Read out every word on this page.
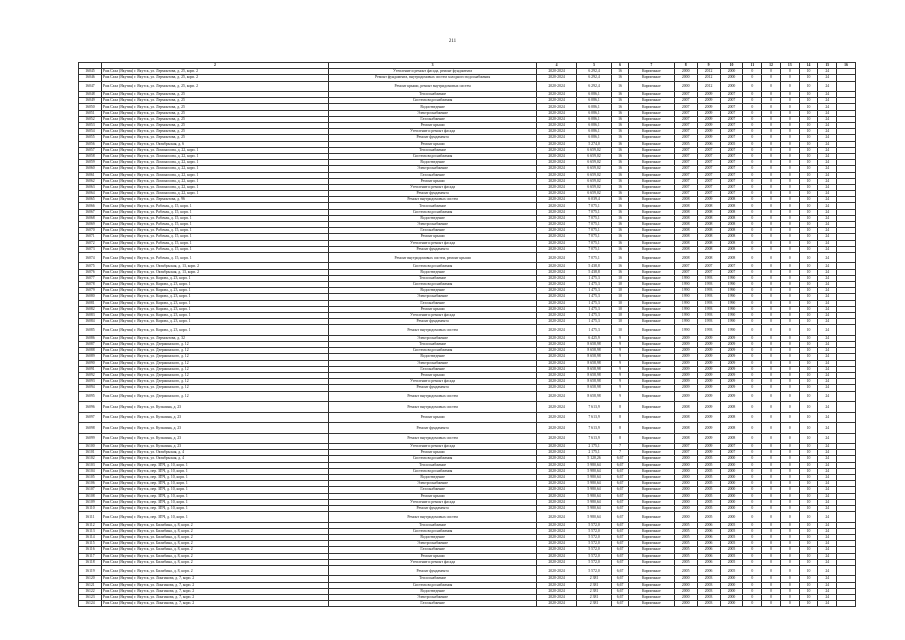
211
	2	3	4	5	6	7	8	9	10	11	12	13	14	15	16
16045	Раж Саха (Якутия) г. Якутск, ул. Лермонтова, д. 25, корп. 2	Утепление и ремонт фасада, ремонт фундамента	2020-2024	6 292,4	16	Кирпичные	2000	2012	2000	0	0	0	10	24	
16046	Раж Саха (Якутия) г. Якутск, ул. Лермонтова, д. 25, корп. 2	Ремонт фундамента, внутридомовых систем холодного водоснабжения	2020-2024	6 292,4	16	Кирпичные	2000	2012	2000	0	0	0	10	24	
16047	Раж Саха (Якутия) г. Якутск, ул. Лермонтова, д. 25, корп. 2	Ремонт крыши, ремонт внутридомовых систем	2020-2024	6 292,4	16	Кирпичные	2000	2012	2000	0	0	0	10	24	
16048	Раж Саха (Якутия) г. Якутск, ул. Лермонтова, д. 25	Теплоснабжение	2020-2024	6 086,1	16	Кирпичные	2007	2009	2007	0	0	0	10	24	
16049	Раж Саха (Якутия) г. Якутск, ул. Лермонтова, д. 25	Система водоснабжения	2020-2024	6 086,1	16	Кирпичные	2007	2009	2007	0	0	0	10	24	
16050	Раж Саха (Якутия) г. Якутск, ул. Лермонтова, д. 25	Водоотведение	2020-2024	6 086,1	16	Кирпичные	2007	2009	2007	0	0	0	10	24	
16051	Раж Саха (Якутия) г. Якутск, ул. Лермонтова, д. 25	Электроснабжение	2020-2024	6 086,1	16	Кирпичные	2007	2009	2007	0	0	0	10	24	
16052	Раж Саха (Якутия) г. Якутск, ул. Лермонтова, д. 25	Газоснабжение	2020-2024	6 086,1	16	Кирпичные	2007	2009	2007	0	0	0	10	24	
16053	Раж Саха (Якутия) г. Якутск, ул. Лермонтова, д. 25	Ремонт крыши	2020-2024	6 086,1	16	Кирпичные	2007	2009	2007	0	0	0	10	24	
16054	Раж Саха (Якутия) г. Якутск, ул. Лермонтова, д. 25	Утепление и ремонт фасада	2020-2024	6 086,1	16	Кирпичные	2007	2009	2007	0	0	0	10	24	
16055	Раж Саха (Якутия) г. Якутск, ул. Лермонтова, д. 25	Ремонт фундамента	2020-2024	6 086,1	16	Кирпичные	2007	2009	2007	0	0	0	10	24	
16056	Раж Саха (Якутия) г. Якутск, ул. Октябрьская, д. 6	Ремонт крыши	2020-2024	5 274,0	16	Кирпичные	2005	2006	2005	0	0	0	10	24	
16057	Раж Саха (Якутия) г. Якутск, ул. Ломоносова, д. 22, корп. 1	Теплоснабжение	2020-2024	6 659,02	16	Кирпичные	2007	2007	2007	0	0	0	10	24	
16058	Раж Саха (Якутия) г. Якутск, ул. Ломоносова, д. 22, корп. 1	Система водоснабжения	2020-2024	6 659,02	16	Кирпичные	2007	2007	2007	0	0	0	10	24	
16059	Раж Саха (Якутия) г. Якутск, ул. Ломоносова, д. 22, корп. 1	Водоотведение	2020-2024	6 659,02	16	Кирпичные	2007	2007	2007	0	0	0	10	24	
16060	Раж Саха (Якутия) г. Якутск, ул. Ломоносова, д. 22, корп. 1	Электроснабжение	2020-2024	6 659,02	16	Кирпичные	2007	2007	2007	0	0	0	10	24	
16061	Раж Саха (Якутия) г. Якутск, ул. Ломоносова, д. 22, корп. 1	Газоснабжение	2020-2024	6 659,02	16	Кирпичные	2007	2007	2007	0	0	0	10	24	
16062	Раж Саха (Якутия) г. Якутск, ул. Ломоносова, д. 22, корп. 1	Ремонт крыши	2020-2024	6 659,02	16	Кирпичные	2007	2007	2007	0	0	0	10	24	
16063	Раж Саха (Якутия) г. Якутск, ул. Ломоносова, д. 22, корп. 1	Утепление и ремонт фасада	2020-2024	6 659,02	16	Кирпичные	2007	2007	2007	0	0	0	10	24	
16064	Раж Саха (Якутия) г. Якутск, ул. Ломоносова, д. 22, корп. 1	Ремонт фундамента	2020-2024	6 659,02	16	Кирпичные	2007	2007	2007	0	0	0	10	24	
16065	Раж Саха (Якутия) г. Якутск, ул. Лермонтова, д. 96	Ремонт внутридомовых систем	2020-2024	6 039,4	16	Кирпичные	2008	2009	2008	0	0	0	10	24	
16066	Раж Саха (Якутия) г. Якутск, ул. Рабочая, д. 15, корп. 1	Теплоснабжение	2020-2024	7 075,1	16	Кирпичные	2008	2008	2008	0	0	0	10	24	
16067	Раж Саха (Якутия) г. Якутск, ул. Рабочая, д. 15, корп. 1	Система водоснабжения	2020-2024	7 075,1	16	Кирпичные	2008	2008	2008	0	0	0	10	24	
16068	Раж Саха (Якутия) г. Якутск, ул. Рабочая, д. 15, корп. 1	Водоотведение	2020-2024	7 075,1	16	Кирпичные	2008	2008	2008	0	0	0	10	24	
16069	Раж Саха (Якутия) г. Якутск, ул. Рабочая, д. 15, корп. 1	Электроснабжение	2020-2024	7 075,1	16	Кирпичные	2008	2008	2008	0	0	0	10	24	
16070	Раж Саха (Якутия) г. Якутск, ул. Рабочая, д. 15, корп. 1	Газоснабжение	2020-2024	7 075,1	16	Кирпичные	2008	2008	2008	0	0	0	10	24	
16071	Раж Саха (Якутия) г. Якутск, ул. Рабочая, д. 15, корп. 1	Ремонт крыши	2020-2024	7 075,1	16	Кирпичные	2008	2008	2008	0	0	0	10	24	
16072	Раж Саха (Якутия) г. Якутск, ул. Рабочая, д. 15, корп. 1	Утепление и ремонт фасада	2020-2024	7 075,1	16	Кирпичные	2008	2008	2008	0	0	0	10	24	
16073	Раж Саха (Якутия) г. Якутск, ул. Рабочая, д. 15, корп. 1	Ремонт фундамента	2020-2024	7 075,1	16	Кирпичные	2008	2008	2008	0	0	0	10	24	
16074	Раж Саха (Якутия) г. Якутск, ул. Рабочая, д. 15, корп. 1	Ремонт внутридомовых систем, ремонт крыши	2020-2024	7 075,1	16	Кирпичные	2008	2008	2008	0	0	0	10	24	
16075	Раж Саха (Якутия) г. Якутск, ул. Октябрьская, д. 13, корп. 2	Система водоснабжения	2020-2024	5 438,8	16	Кирпичные	2007	2007	2007	0	0	0	10	24	
16076	Раж Саха (Якутия) г. Якутск, ул. Октябрьская, д. 13, корп. 2	Водоотведение	2020-2024	5 438,8	16	Кирпичные	2007	2007	2007	0	0	0	10	24	
16077	Раж Саха (Якутия) г. Якутск, ул. Кирова, д. 23, корп. 1	Теплоснабжение	2020-2024	1 475,3	10	Кирпичные	1990	1993	1990	0	0	0	10	24	
16078	Раж Саха (Якутия) г. Якутск, ул. Кирова, д. 23, корп. 1	Система водоснабжения	2020-2024	1 475,3	10	Кирпичные	1990	1993	1990	0	0	0	10	24	
16079	Раж Саха (Якутия) г. Якутск, ул. Кирова, д. 23, корп. 1	Водоотведение	2020-2024	1 475,3	10	Кирпичные	1990	1993	1990	0	0	0	10	24	
16080	Раж Саха (Якутия) г. Якутск, ул. Кирова, д. 23, корп. 1	Электроснабжение	2020-2024	1 475,3	10	Кирпичные	1990	1993	1990	0	0	0	10	24	
16081	Раж Саха (Якутия) г. Якутск, ул. Кирова, д. 23, корп. 1	Газоснабжение	2020-2024	1 475,3	10	Кирпичные	1990	1993	1990	0	0	0	10	24	
16082	Раж Саха (Якутия) г. Якутск, ул. Кирова, д. 23, корп. 1	Ремонт крыши	2020-2024	1 475,3	10	Кирпичные	1990	1993	1990	0	0	0	10	24	
16083	Раж Саха (Якутия) г. Якутск, ул. Кирова, д. 23, корп. 1	Утепление и ремонт фасада	2020-2024	1 475,3	10	Кирпичные	1990	1993	1990	0	0	0	10	24	
16084	Раж Саха (Якутия) г. Якутск, ул. Кирова, д. 23, корп. 1	Ремонт фундамента	2020-2024	1 475,3	10	Кирпичные	1990	1993	1990	0	0	0	10	24	
16085	Раж Саха (Якутия) г. Якутск, ул. Кирова, д. 23, корп. 1	Ремонт внутридомовых систем	2020-2024	1 475,3	10	Кирпичные	1990	1993	1990	0	0	0	10	24	
16086	Раж Саха (Якутия) г. Якутск, ул. Лермонтова, д. 32	Электроснабжение	2020-2024	6 425,9	9	Кирпичные	2009	2009	2009	0	0	0	10	24	
16087	Раж Саха (Якутия) г. Якутск, ул. Дзержинского, д. 12	Теплоснабжение	2020-2024	8 658,98	9	Кирпичные	2009	2009	2009	0	0	0	10	24	
16088	Раж Саха (Якутия) г. Якутск, ул. Дзержинского, д. 12	Система водоснабжения	2020-2024	8 658,98	9	Кирпичные	2009	2009	2009	0	0	0	10	24	
16089	Раж Саха (Якутия) г. Якутск, ул. Дзержинского, д. 12	Водоотведение	2020-2024	8 658,98	9	Кирпичные	2009	2009	2009	0	0	0	10	24	
16090	Раж Саха (Якутия) г. Якутск, ул. Дзержинского, д. 12	Электроснабжение	2020-2024	8 658,98	9	Кирпичные	2009	2009	2009	0	0	0	10	24	
16091	Раж Саха (Якутия) г. Якутск, ул. Дзержинского, д. 12	Газоснабжение	2020-2024	8 658,98	9	Кирпичные	2009	2009	2009	0	0	0	10	24	
16092	Раж Саха (Якутия) г. Якутск, ул. Дзержинского, д. 12	Ремонт крыши	2020-2024	8 658,98	9	Кирпичные	2009	2009	2009	0	0	0	10	24	
16093	Раж Саха (Якутия) г. Якутск, ул. Дзержинского, д. 12	Утепление и ремонт фасада	2020-2024	8 658,98	9	Кирпичные	2009	2009	2009	0	0	0	10	24	
16094	Раж Саха (Якутия) г. Якутск, ул. Дзержинского, д. 12	Ремонт фундамента	2020-2024	8 658,98	9	Кирпичные	2009	2009	2009	0	0	0	10	24	
16095	Раж Саха (Якутия) г. Якутск, ул. Дзержинского, д. 12	Ремонт внутридомовых систем	2020-2024	8 658,98	9	Кирпичные	2009	2009	2009	0	0	0	10	24	
16096	Раж Саха (Якутия) г. Якутск, ул. Кузьмина, д. 23	Ремонт внутридомовых систем	2020-2024	7 613,9	8	Кирпичные	2008	2009	2008	0	0	0	10	24	
16097	Раж Саха (Якутия) г. Якутск, ул. Кузьмина, д. 23	Ремонт крыши	2020-2024	7 613,9	8	Кирпичные	2008	2009	2008	0	0	0	10	24	
16098	Раж Саха (Якутия) г. Якутск, ул. Кузьмина, д. 23	Ремонт фундамента	2020-2024	7 613,9	8	Кирпичные	2008	2009	2008	0	0	0	10	24	
16099	Раж Саха (Якутия) г. Якутск, ул. Кузьмина, д. 23	Ремонт внутридомовых систем	2020-2024	7 613,9	8	Кирпичные	2008	2009	2008	0	0	0	10	24	
16100	Раж Саха (Якутия) г. Якутск, ул. Кузьмина, д. 23	Утепление и ремонт фасада	2020-2024	2 175,1	7	Кирпичные	2007	2009	2007	0	0	0	10	24	
16101	Раж Саха (Якутия) г. Якутск, ул. Октябрьская, д. 4	Ремонт крыши	2020-2024	2 175,1	7	Кирпичные	2007	2009	2007	0	0	0	10	24	
16102	Раж Саха (Якутия) г. Якутск, ул. Октябрьская, д. 4	Система водоснабжения	2020-2024	5 120,26	6,67	Кирпичные	2000	2005	2000	0	0	0	10	24	
16103	Раж Саха (Якутия) г. Якутск, пер. ЗПЧ, д. 10, корп. 1	Теплоснабжение	2020-2024	5 980,64	6,67	Кирпичные	2000	2005	2000	0	0	0	10	24	
16104	Раж Саха (Якутия) г. Якутск, пер. ЗПЧ, д. 10, корп. 1	Система водоснабжения	2020-2024	5 980,64	6,67	Кирпичные	2000	2005	2000	0	0	0	10	24	
16105	Раж Саха (Якутия) г. Якутск, пер. ЗПЧ, д. 10, корп. 1	Водоотведение	2020-2024	5 980,64	6,67	Кирпичные	2000	2005	2000	0	0	0	10	24	
16106	Раж Саха (Якутия) г. Якутск, пер. ЗПЧ, д. 10, корп. 1	Электроснабжение	2020-2024	5 980,64	6,67	Кирпичные	2000	2005	2000	0	0	0	10	24	
16107	Раж Саха (Якутия) г. Якутск, пер. ЗПЧ, д. 10, корп. 1	Газоснабжение	2020-2024	5 980,64	6,67	Кирпичные	2000	2005	2000	0	0	0	10	24	
16108	Раж Саха (Якутия) г. Якутск, пер. ЗПЧ, д. 10, корп. 1	Ремонт крыши	2020-2024	5 980,64	6,67	Кирпичные	2000	2005	2000	0	0	0	10	24	
16109	Раж Саха (Якутия) г. Якутск, пер. ЗПЧ, д. 10, корп. 1	Утепление и ремонт фасада	2020-2024	5 980,64	6,67	Кирпичные	2000	2005	2000	0	0	0	10	24	
16110	Раж Саха (Якутия) г. Якутск, пер. ЗПЧ, д. 10, корп. 1	Ремонт фундамента	2020-2024	5 980,64	6,67	Кирпичные	2000	2005	2000	0	0	0	10	24	
16111	Раж Саха (Якутия) г. Якутск, пер. ЗПЧ, д. 10, корп. 1	Ремонт внутридомовых систем	2020-2024	5 980,64	6,67	Кирпичные	2000	2005	2000	0	0	0	10	24	
16112	Раж Саха (Якутия) г. Якутск, ул. Билибина, д. 8, корп. 2	Теплоснабжение	2020-2024	5 572,0	6,67	Кирпичные	2005	2006	2005	0	0	0	10	24	
16113	Раж Саха (Якутия) г. Якутск, ул. Билибина, д. 8, корп. 2	Система водоснабжения	2020-2024	5 572,0	6,67	Кирпичные	2005	2006	2005	0	0	0	10	24	
16114	Раж Саха (Якутия) г. Якутск, ул. Билибина, д. 8, корп. 2	Водоотведение	2020-2024	5 572,0	6,67	Кирпичные	2005	2006	2005	0	0	0	10	24	
16115	Раж Саха (Якутия) г. Якутск, ул. Билибина, д. 8, корп. 2	Электроснабжение	2020-2024	5 572,0	6,67	Кирпичные	2005	2006	2005	0	0	0	10	24	
16116	Раж Саха (Якутия) г. Якутск, ул. Билибина, д. 8, корп. 2	Газоснабжение	2020-2024	5 572,0	6,67	Кирпичные	2005	2006	2005	0	0	0	10	24	
16117	Раж Саха (Якутия) г. Якутск, ул. Билибина, д. 8, корп. 2	Ремонт крыши	2020-2024	5 572,0	6,67	Кирпичные	2005	2006	2005	0	0	0	10	24	
16118	Раж Саха (Якутия) г. Якутск, ул. Билибина, д. 8, корп. 2	Утепление и ремонт фасада	2020-2024	5 572,0	6,67	Кирпичные	2005	2006	2005	0	0	0	10	24	
16119	Раж Саха (Якутия) г. Якутск, ул. Билибина, д. 8, корп. 2	Ремонт фундамента	2020-2024	5 572,0	6,67	Кирпичные	2005	2006	2005	0	0	0	10	24	
16120	Раж Саха (Якутия) г. Якутск, ул. Лонгинова, д. 7, корп. 2	Теплоснабжение	2020-2024	2 381	6,67	Кирпичные	2000	2003	2000	0	0	0	10	24	
16121	Раж Саха (Якутия) г. Якутск, ул. Лонгинова, д. 7, корп. 2	Система водоснабжения	2020-2024	2 381	6,67	Кирпичные	2000	2003	2000	0	0	0	10	24	
16122	Раж Саха (Якутия) г. Якутск, ул. Лонгинова, д. 7, корп. 2	Водоотведение	2020-2024	2 381	6,67	Кирпичные	2000	2003	2000	0	0	0	10	24	
16123	Раж Саха (Якутия) г. Якутск, ул. Лонгинова, д. 7, корп. 2	Электроснабжение	2020-2024	2 381	6,67	Кирпичные	2000	2003	2000	0	0	0	10	24	
16124	Раж Саха (Якутия) г. Якутск, ул. Лонгинова, д. 7, корп. 2	Газоснабжение	2020-2024	2 381	6,67	Кирпичные	2000	2003	2000	0	0	0	10	24	
